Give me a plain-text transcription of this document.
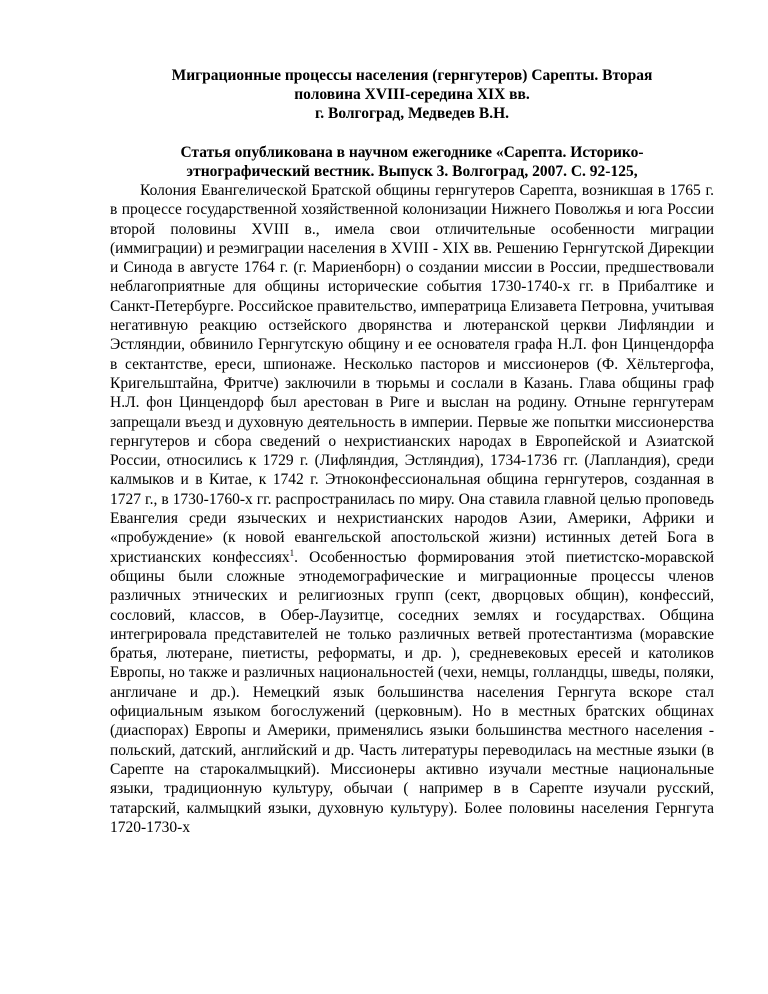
Миграционные процессы населения (гернгутеров) Сарепты. Вторая
половина XVIII-середина XIX вв.
г. Волгоград, Медведев В.Н.

Статья опубликована в научном ежегоднике «Сарепта. Историко-
этнографический вестник. Выпуск 3. Волгоград, 2007. С. 92-125,

Колония Евангелической Братской общины гернгутеров Сарепта, возникшая в 1765 г. в процессе государственной хозяйственной колонизации Нижнего Поволжья и юга России второй половины XVIII в., имела свои отличительные особенности миграции (иммиграции) и реэмиграции населения в XVIII - XIX вв. Решению Гернгутской Дирекции и Синода в августе 1764 г. (г. Мариенборн) о создании миссии в России, предшествовали неблагоприятные для общины исторические события 1730-1740-х гг. в Прибалтике и Санкт-Петербурге. Российское правительство, императрица Елизавета Петровна, учитывая негативную реакцию остзейского дворянства и лютеранской церкви Лифляндии и Эстляндии, обвинило Гернгутскую общину и ее основателя графа Н.Л. фон Цинцендорфа в сектантстве, ереси, шпионаже. Несколько пасторов и миссионеров (Ф. Хёльтергофа, Кригельштайна, Фритче) заключили в тюрьмы и сослали в Казань. Глава общины граф Н.Л. фон Цинцендорф был арестован в Риге и выслан на родину. Отныне гернгутерам запрещали въезд и духовную деятельность в империи. Первые же попытки миссионерства гернгутеров и сбора сведений о нехристианских народах в Европейской и Азиатской России, относились к 1729 г. (Лифляндия, Эстляндия), 1734-1736 гг. (Лапландия), среди калмыков и в Китае, к 1742 г. Этноконфессиональная община гернгутеров, созданная в 1727 г., в 1730-1760-х гг. распространилась по миру. Она ставила главной целью проповедь Евангелия среди языческих и нехристианских народов Азии, Америки, Африки и «пробуждение» (к новой евангельской апостольской жизни) истинных детей Бога в христианских конфессиях$^1$. Особенностью формирования этой пиетистско-моравской общины были сложные этнодемографические и миграционные процессы членов различных этнических и религиозных групп (сект, дворцовых общин), конфессий, сословий, классов, в Обер-Лаузитце, соседних землях и государствах. Община интегрировала представителей не только различных ветвей протестантизма (моравские братья, лютеране, пиетисты, реформаты, и др. ), средневековых ересей и католиков Европы, но также и различных национальностей (чехи, немцы, голландцы, шведы, поляки, англичане и др.). Немецкий язык большинства населения Гернгута вскоре стал официальным языком богослужений (церковным). Но в местных братских общинах (диаспорах) Европы и Америки, применялись языки большинства местного населения - польский, датский, английский и др. Часть литературы переводилась на местные языки (в Сарепте на старокалмыцкий). Миссионеры активно изучали местные национальные языки, традиционную культуру, обычаи ( например в в Сарепте изучали русский, татарский, калмыцкий языки, духовную культуру). Более половины населения Гернгута 1720-1730-х
